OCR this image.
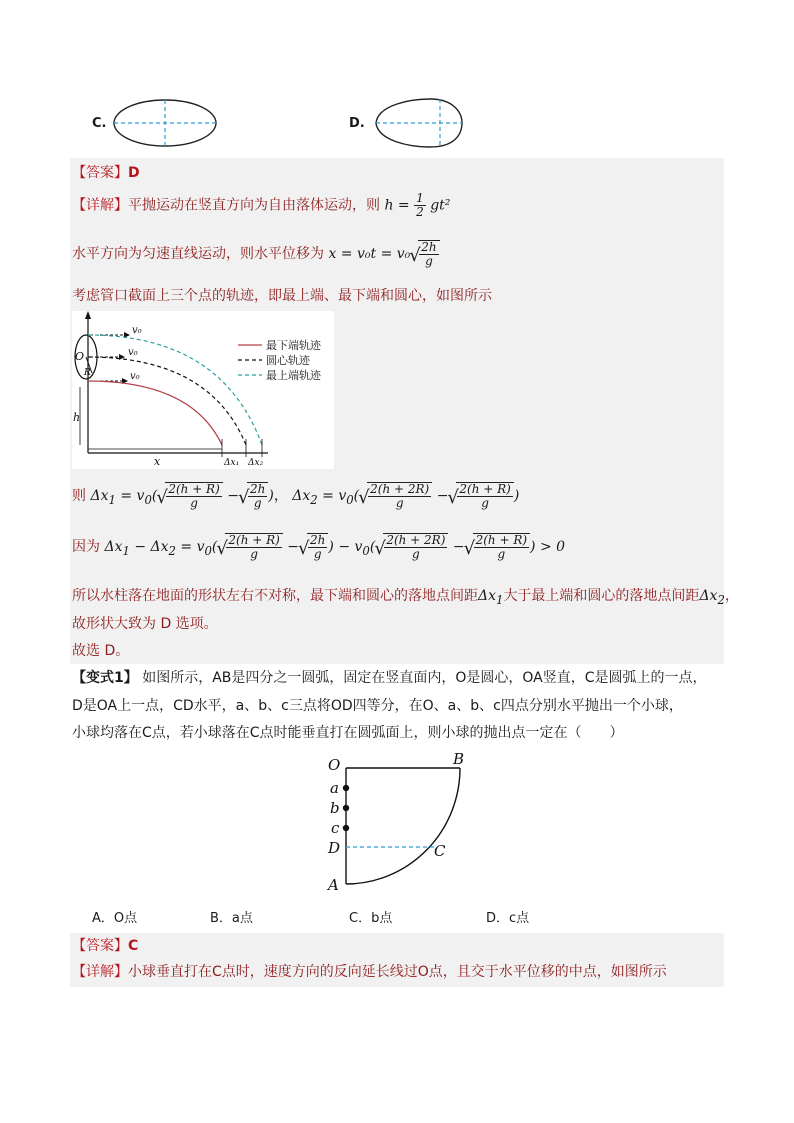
C.	D.
【答案】D
【详解】平抛运动在竖直方向为自由落体运动，则 $h = \frac{1}{2} gt^2$
水平方向为匀速直线运动，则水平位移为 x = v₀t = v₀ √ $\frac{2h}{g}$
考虑管口截面上三个点的轨迹，即最上端、最下端和圆心，如图所示
最下端轨迹
圆心轨迹
最上端轨迹
v₀
v₀
v₀
O
R
h
x	Δx₁ Δx₂
则 $\Delta x_1 = v_0$( √ $\frac{2(h + R)}{g}$ − √ $\frac{2h}{g}$ )， $\Delta x_2 = v_0$( √ $\frac{2(h + 2R)}{g}$ − √ $\frac{2(h + R)}{g}$ )
因为 $\Delta x_1 - \Delta x_2 = v_0$( √ $\frac{2(h + R)}{g}$ − √ $\frac{2h}{g}$ ) − $v_0$( √ $\frac{2(h + 2R)}{g}$ − √ $\frac{2(h + R)}{g}$ ) > 0
所以水柱落在地面的形状左右不对称，最下端和圆心的落地点间距$\Delta x_1$大于最上端和圆心的落地点间距$\Delta x_2$，
故形状大致为 D 选项。
故选 D。
【变式1】 如图所示，AB是四分之一圆弧，固定在竖直面内，O是圆心，OA竖直，C是圆弧上的一点，
D是OA上一点，CD水平，a、b、c三点将OD四等分，在O、a、b、c四点分别水平抛出一个小球，
小球均落在C点，若小球落在C点时能垂直打在圆弧面上，则小球的抛出点一定在（　　）
O	B
a
b
c
D	C
A
A．O点	B．a点	C．b点	D．c点
【答案】C
【详解】小球垂直打在C点时，速度方向的反向延长线过O点，且交于水平位移的中点，如图所示
